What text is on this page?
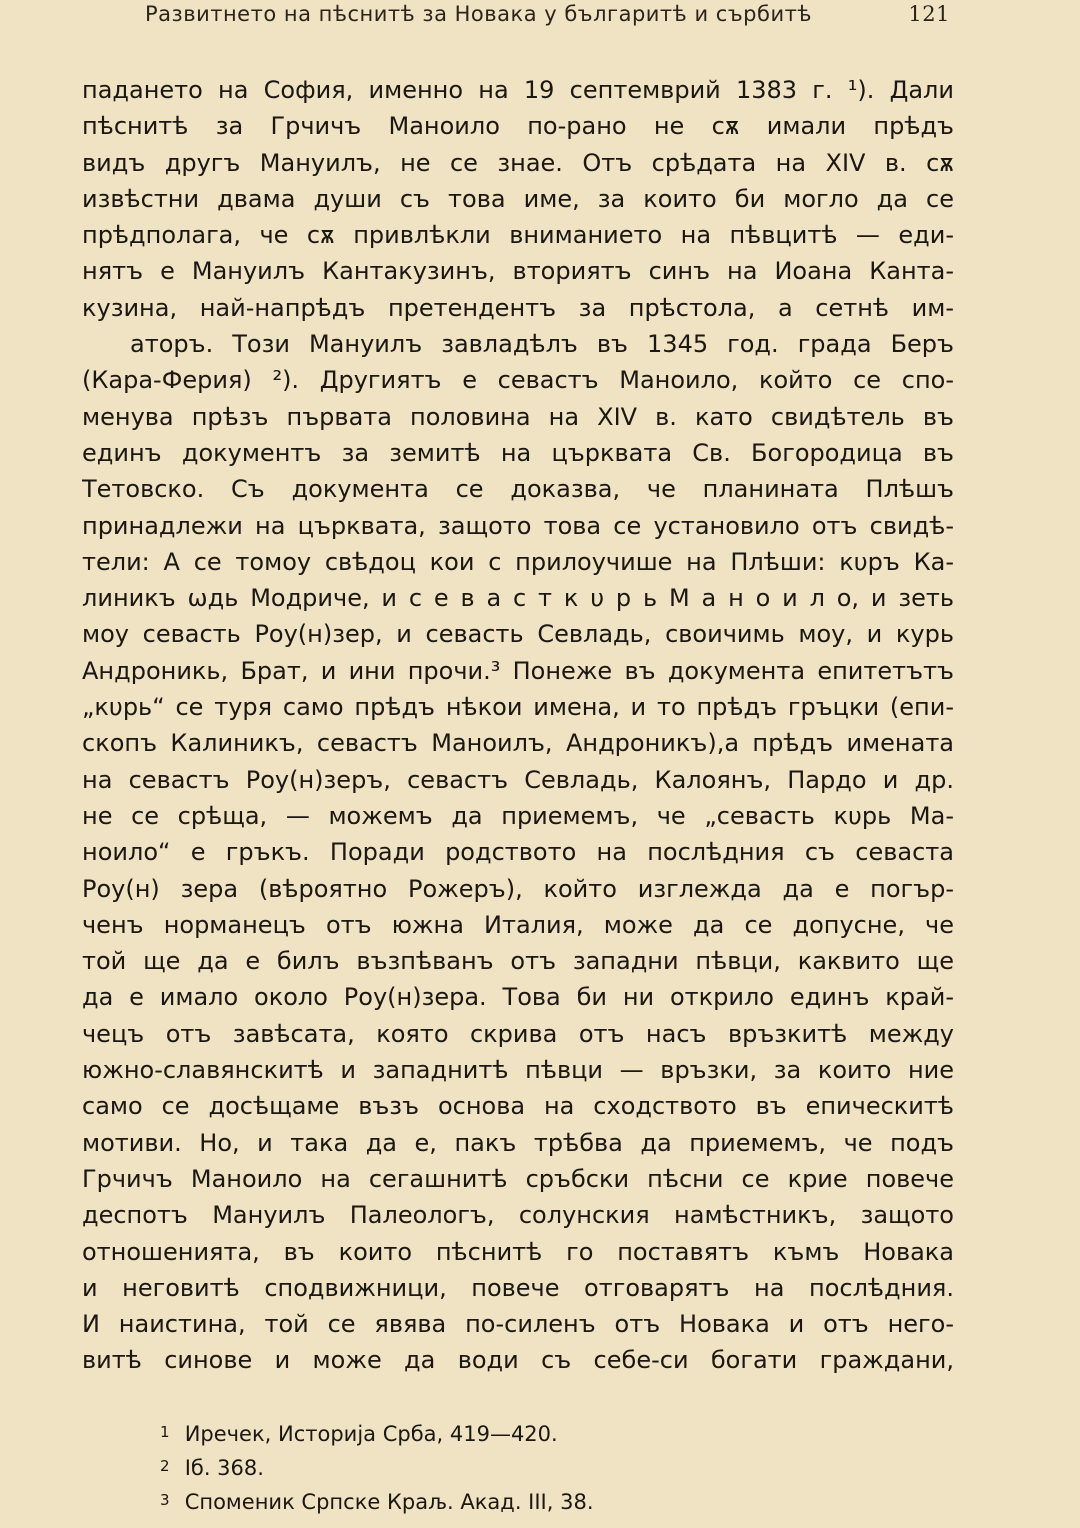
Развитнето на пѣснитѣ за Новака у българитѣ и сърбитѣ	121
падането на София, именно на 19 септемврий 1383 г. ¹). Дали
пѣснитѣ за Грчичъ Маноило по-рано не сѫ имали прѣдъ
видъ другъ Мануилъ, не се знае. Отъ срѣдата на XIV в. сѫ
извѣстни двама души съ това име, за които би могло да се
прѣдполага, че сѫ привлѣкли вниманието на пѣвцитѣ — еди-
нятъ е Мануилъ Кантакузинъ, вториятъ синъ на Иоана Канта-
кузина, най-напрѣдъ претендентъ за прѣстола, а сетнѣ им-
аторъ. Този Мануилъ завладѣлъ въ 1345 год. града Беръ
(Кара-Ферия) ²). Другиятъ е севастъ Маноило, който се спо-
менува прѣзъ първата половина на XIV в. като свидѣтель въ
единъ документъ за земитѣ на църквата Св. Богородица въ
Тетовско. Съ документа се доказва, че планината Плѣшъ
принадлежи на църквата, защото това се установило отъ свидѣ-
тели: А се томоу свѣдоц кои с прилоучише на Плѣши: кυръ Ка-
линикъ ѡдь Модриче, и с е в а с т к υ р ь М а н о и л о, и зеть
моу севасть Роу(н)зер, и севасть Севладь, своичимь моу, и курь
Андроникь, Брат, и ини прочи.³ Понеже въ документа епитетътъ
„кυрь“ се туря само прѣдъ нѣкои имена, и то прѣдъ гръцки (епи-
скопъ Калиникъ, севастъ Маноилъ, Андроникъ),а прѣдъ имената
на севастъ Роу(н)зеръ, севастъ Севладь, Калоянъ, Пардо и др.
не се срѣща, — можемъ да приемемъ, че „севасть кυрь Ма-
ноило“ е гръкъ. Поради родството на послѣдния съ севаста
Роу(н) зера (вѣроятно Рожеръ), който изглежда да е погър-
ченъ норманецъ отъ южна Италия, може да се допусне, че
той ще да е билъ възпѣванъ отъ западни пѣвци, каквито ще
да е имало около Роу(н)зера. Това би ни открило единъ край-
чецъ отъ завѣсата, която скрива отъ насъ връзкитѣ между
южно-славянскитѣ и западнитѣ пѣвци — връзки, за които ние
само се досѣщаме възъ основа на сходството въ епическитѣ
мотиви. Но, и така да е, пакъ трѣбва да приемемъ, че подъ
Грчичъ Маноило на сегашнитѣ сръбски пѣсни се крие повече
деспотъ Мануилъ Палеологъ, солунския намѣстникъ, защото
отношенията, въ които пѣснитѣ го поставятъ къмъ Новака
и неговитѣ сподвижници, повече отговарятъ на послѣдния.
И наистина, той се явява по-силенъ отъ Новака и отъ него-
витѣ синове и може да води съ себе-си богати граждани,
1 Иречек, Историја Срба, 419—420.
2 Іб. 368.
3 Споменик Српске Краљ. Акад. III, 38.
